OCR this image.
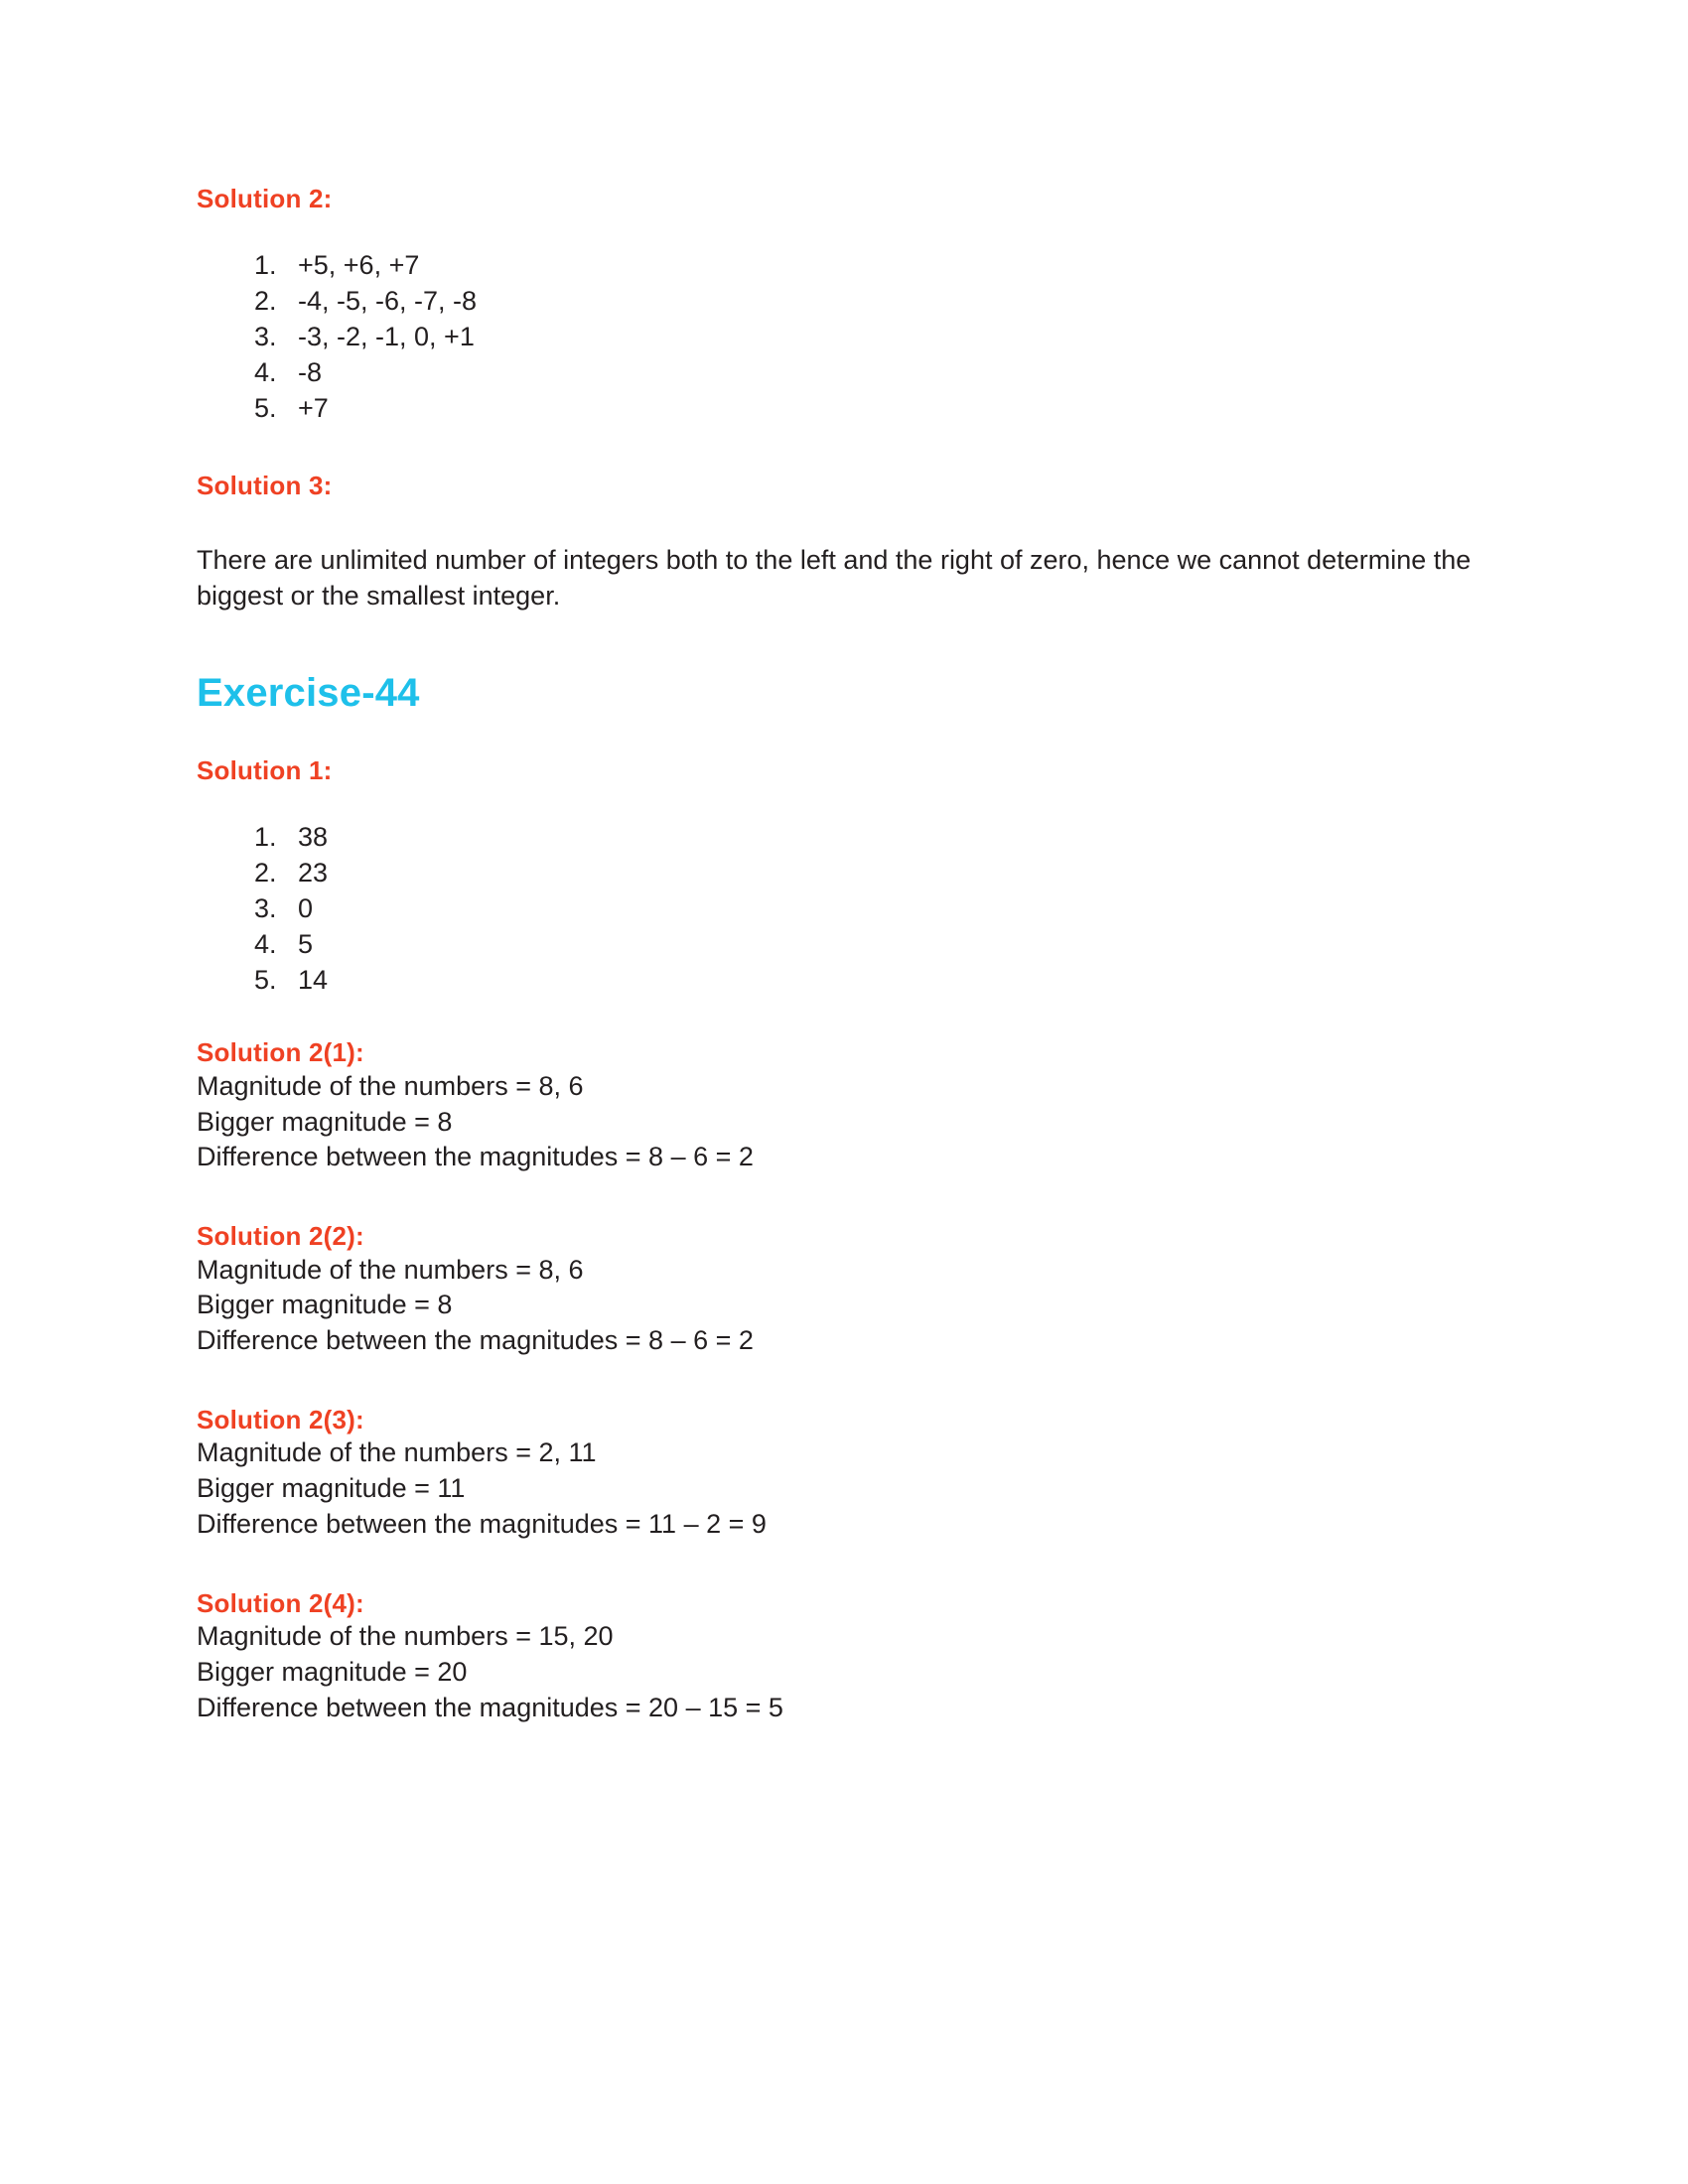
Solution 2:
1. +5, +6, +7
2. -4, -5, -6, -7, -8
3. -3, -2, -1, 0, +1
4. -8
5. +7
Solution 3:

There are unlimited number of integers both to the left and the right of zero, hence we cannot determine the biggest or the smallest integer.

Exercise-44
Solution 1:
1. 38
2. 23
3. 0
4. 5
5. 14
Solution 2(1):

Magnitude of the numbers = 8, 6

Bigger magnitude = 8

Difference between the magnitudes = 8 – 6 = 2

Solution 2(2):

Magnitude of the numbers = 8, 6

Bigger magnitude = 8

Difference between the magnitudes = 8 – 6 = 2

Solution 2(3):

Magnitude of the numbers = 2, 11

Bigger magnitude = 11

Difference between the magnitudes = 11 – 2 = 9

Solution 2(4):

Magnitude of the numbers = 15, 20

Bigger magnitude = 20

Difference between the magnitudes = 20 – 15 = 5
